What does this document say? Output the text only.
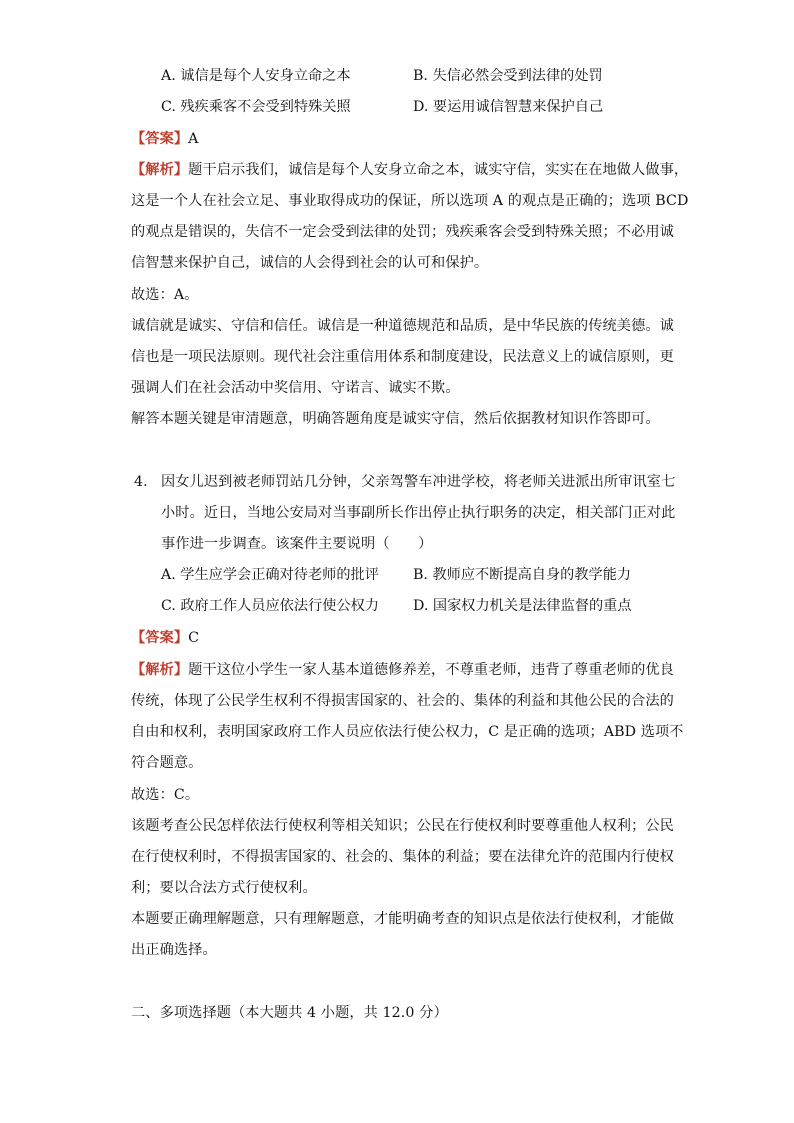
A. 诚信是每个人安身立命之本	B. 失信必然会受到法律的处罚
C. 残疾乘客不会受到特殊关照	D. 要运用诚信智慧来保护自己
【答案】A
【解析】题干启示我们，诚信是每个人安身立命之本，诚实守信，实实在在地做人做事，
这是一个人在社会立足、事业取得成功的保证，所以选项 A 的观点是正确的；选项 BCD
的观点是错误的，失信不一定会受到法律的处罚；残疾乘客会受到特殊关照；不必用诚
信智慧来保护自己，诚信的人会得到社会的认可和保护。
故选：A。
诚信就是诚实、守信和信任。诚信是一种道德规范和品质，是中华民族的传统美德。诚
信也是一项民法原则。现代社会注重信用体系和制度建设，民法意义上的诚信原则，更
强调人们在社会活动中奖信用、守诺言、诚实不欺。
解答本题关键是审清题意，明确答题角度是诚实守信，然后依据教材知识作答即可。
4. 因女儿迟到被老师罚站几分钟，父亲驾警车冲进学校，将老师关进派出所审讯室七
小时。近日，当地公安局对当事副所长作出停止执行职务的决定，相关部门正对此
事作进一步调查。该案件主要说明（　　）
A. 学生应学会正确对待老师的批评 B. 教师应不断提高自身的教学能力
C. 政府工作人员应依法行使公权力 D. 国家权力机关是法律监督的重点
【答案】C
【解析】题干这位小学生一家人基本道德修养差，不尊重老师，违背了尊重老师的优良
传统，体现了公民学生权利不得损害国家的、社会的、集体的利益和其他公民的合法的
自由和权利，表明国家政府工作人员应依法行使公权力，C 是正确的选项；ABD 选项不
符合题意。
故选：C。
该题考查公民怎样依法行使权利等相关知识；公民在行使权利时要尊重他人权利；公民
在行使权利时，不得损害国家的、社会的、集体的利益；要在法律允许的范围内行使权
利；要以合法方式行使权利。
本题要正确理解题意，只有理解题意，才能明确考查的知识点是依法行使权利，才能做
出正确选择。
二、多项选择题（本大题共 4 小题，共 12.0 分）
